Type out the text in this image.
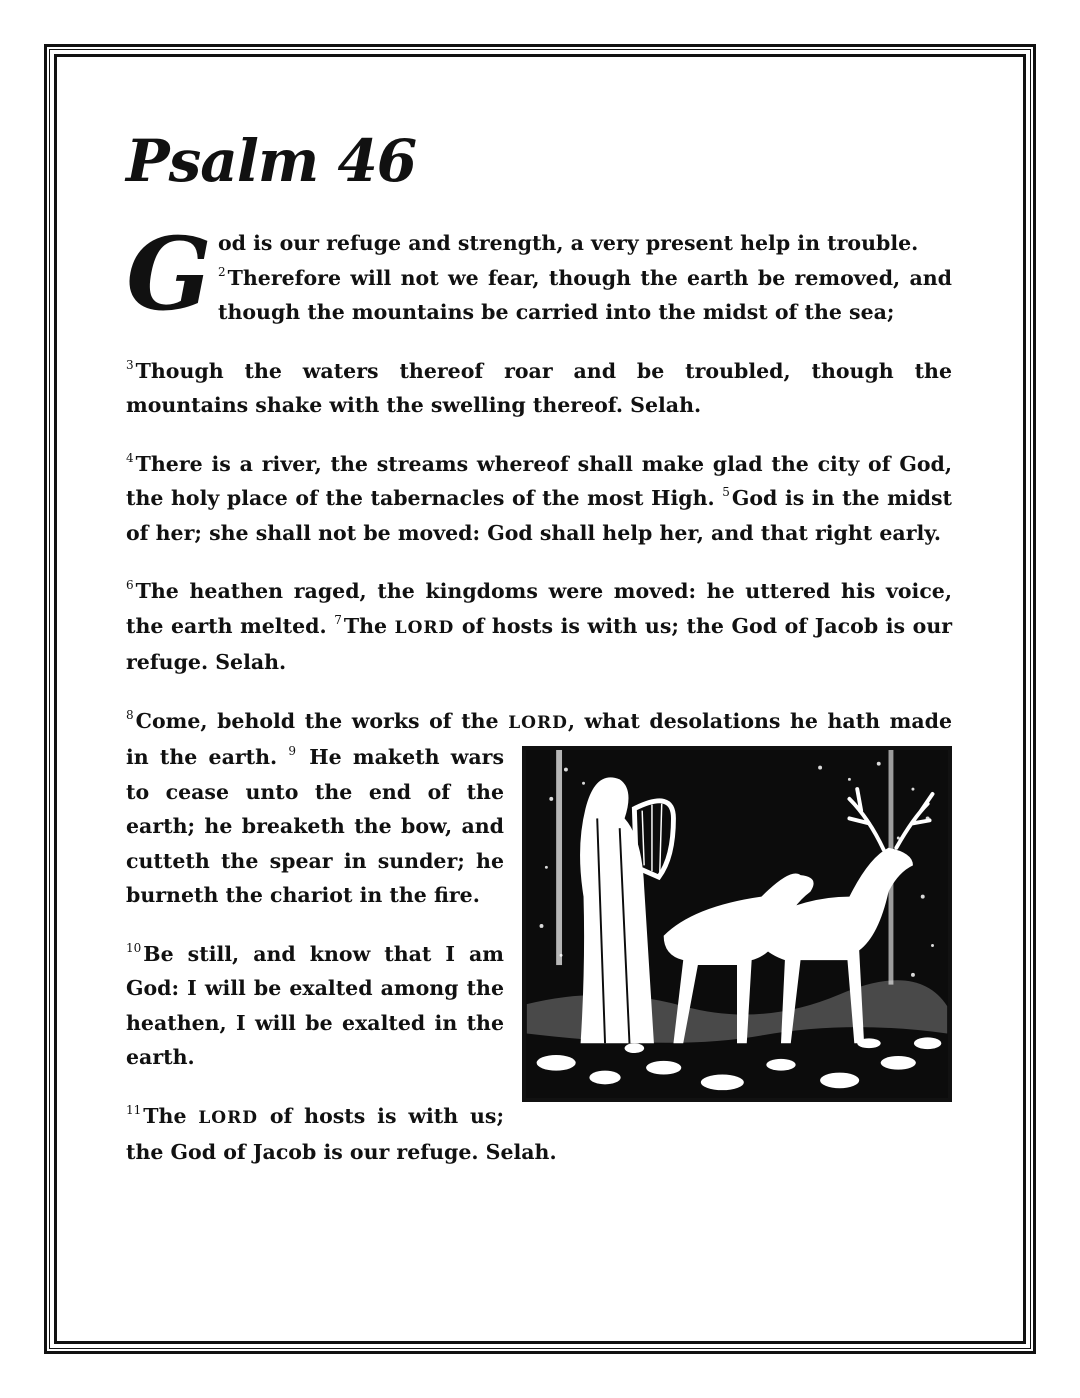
Psalm 46

G od is our refuge and strength, a very present help in trouble.
$^2$Therefore will not we fear, though the earth be removed, and though the mountains be carried into the midst of the sea;

$^3$Though the waters thereof roar and be troubled, though the mountains shake with the swelling thereof. Selah.

$^4$There is a river, the streams whereof shall make glad the city of God, the holy place of the tabernacles of the most High. $^5$God is in the midst of her; she shall not be moved: God shall help her, and that right early.

$^6$The heathen raged, the kingdoms were moved: he uttered his voice, the earth melted. $^7$The LORD of hosts is with us; the God of Jacob is our refuge. Selah.

$^8$Come, behold the works of the LORD, what desolations he hath made in the earth. $^9$ He maketh wars to cease unto the end of the earth; he breaketh the bow, and cutteth the spear in sunder; he burneth the chariot in the fire.

$^{10}$Be still, and know that I am God: I will be exalted among the heathen, I will be exalted in the earth.

$^{11}$The LORD of hosts is with us; the God of Jacob is our refuge. Selah.
